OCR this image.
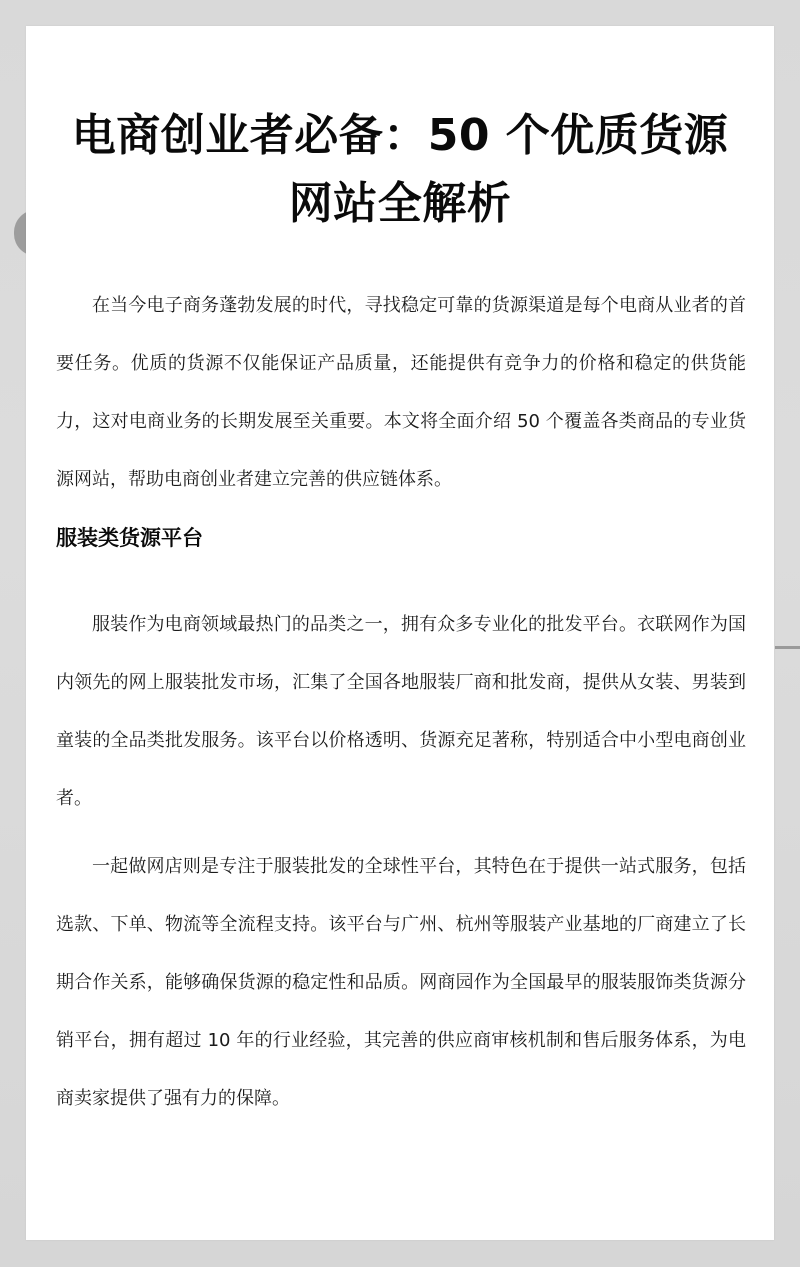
电商创业者必备：50 个优质货源网站全解析

在当今电子商务蓬勃发展的时代，寻找稳定可靠的货源渠道是每个电商从业者的首要任务。优质的货源不仅能保证产品质量，还能提供有竞争力的价格和稳定的供货能力，这对电商业务的长期发展至关重要。本文将全面介绍 50 个覆盖各类商品的专业货源网站，帮助电商创业者建立完善的供应链体系。

服装类货源平台

服装作为电商领域最热门的品类之一，拥有众多专业化的批发平台。衣联网作为国内领先的网上服装批发市场，汇集了全国各地服装厂商和批发商，提供从女装、男装到童装的全品类批发服务。该平台以价格透明、货源充足著称，特别适合中小型电商创业者。

一起做网店则是专注于服装批发的全球性平台，其特色在于提供一站式服务，包括选款、下单、物流等全流程支持。该平台与广州、杭州等服装产业基地的厂商建立了长期合作关系，能够确保货源的稳定性和品质。网商园作为全国最早的服装服饰类货源分销平台，拥有超过 10 年的行业经验，其完善的供应商审核机制和售后服务体系，为电商卖家提供了强有力的保障。
